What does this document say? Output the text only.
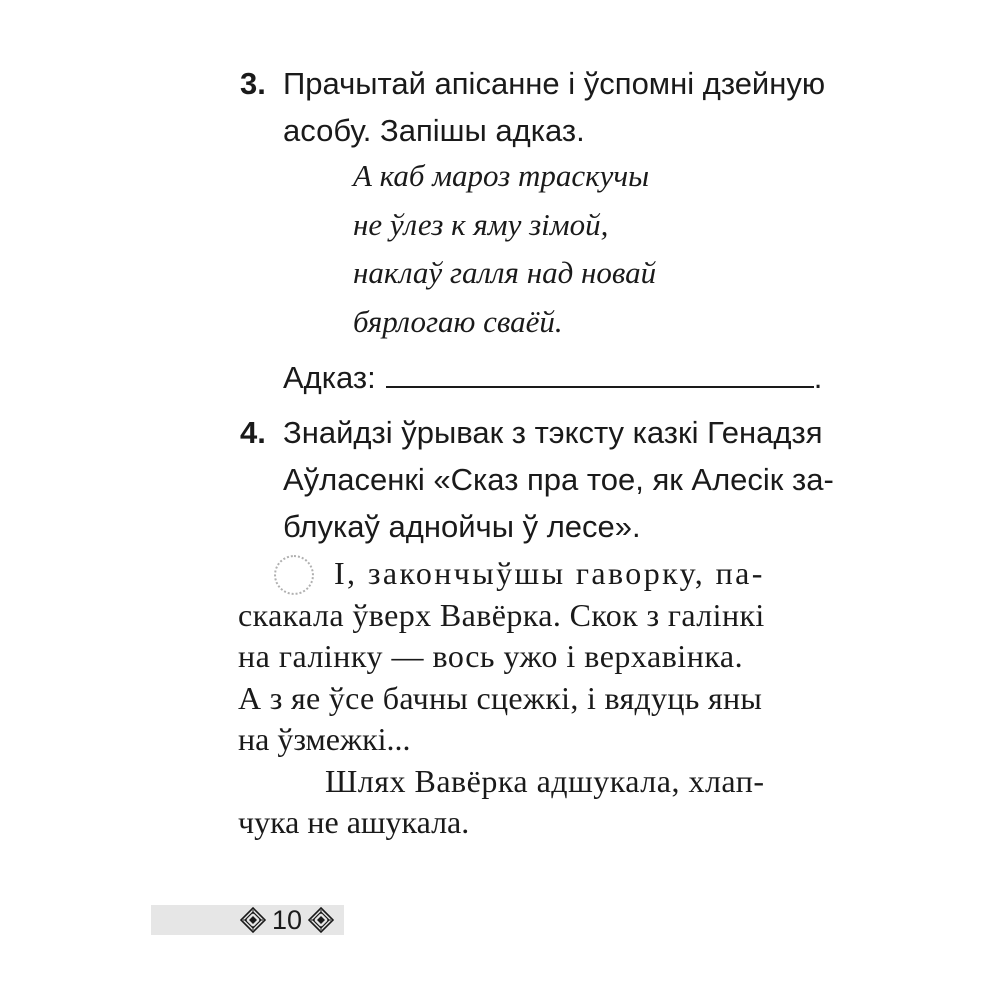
3. Прачытай апісанне і ўспомні дзейную
асобу. Запішы адказ.
А каб мароз траскучы
не ўлез к яму зімой,
наклаў галля над новай
бярлогаю сваёй.
Адказ:	.
4. Знайдзі ўрывак з тэксту казкі Генадзя
Аўласенкі «Сказ пра тое, як Алесік за-
блукаў аднойчы ў лесе».
І, закончыўшы гаворку, па-
скакала ўверх Вавёрка. Скок з галінкі
на галінку — вось ужо і верхавінка.
А з яе ўсе бачны сцежкі, і вядуць яны
на ўзмежкі...
Шлях Вавёрка адшукала, хлап-
чука не ашукала.
10
